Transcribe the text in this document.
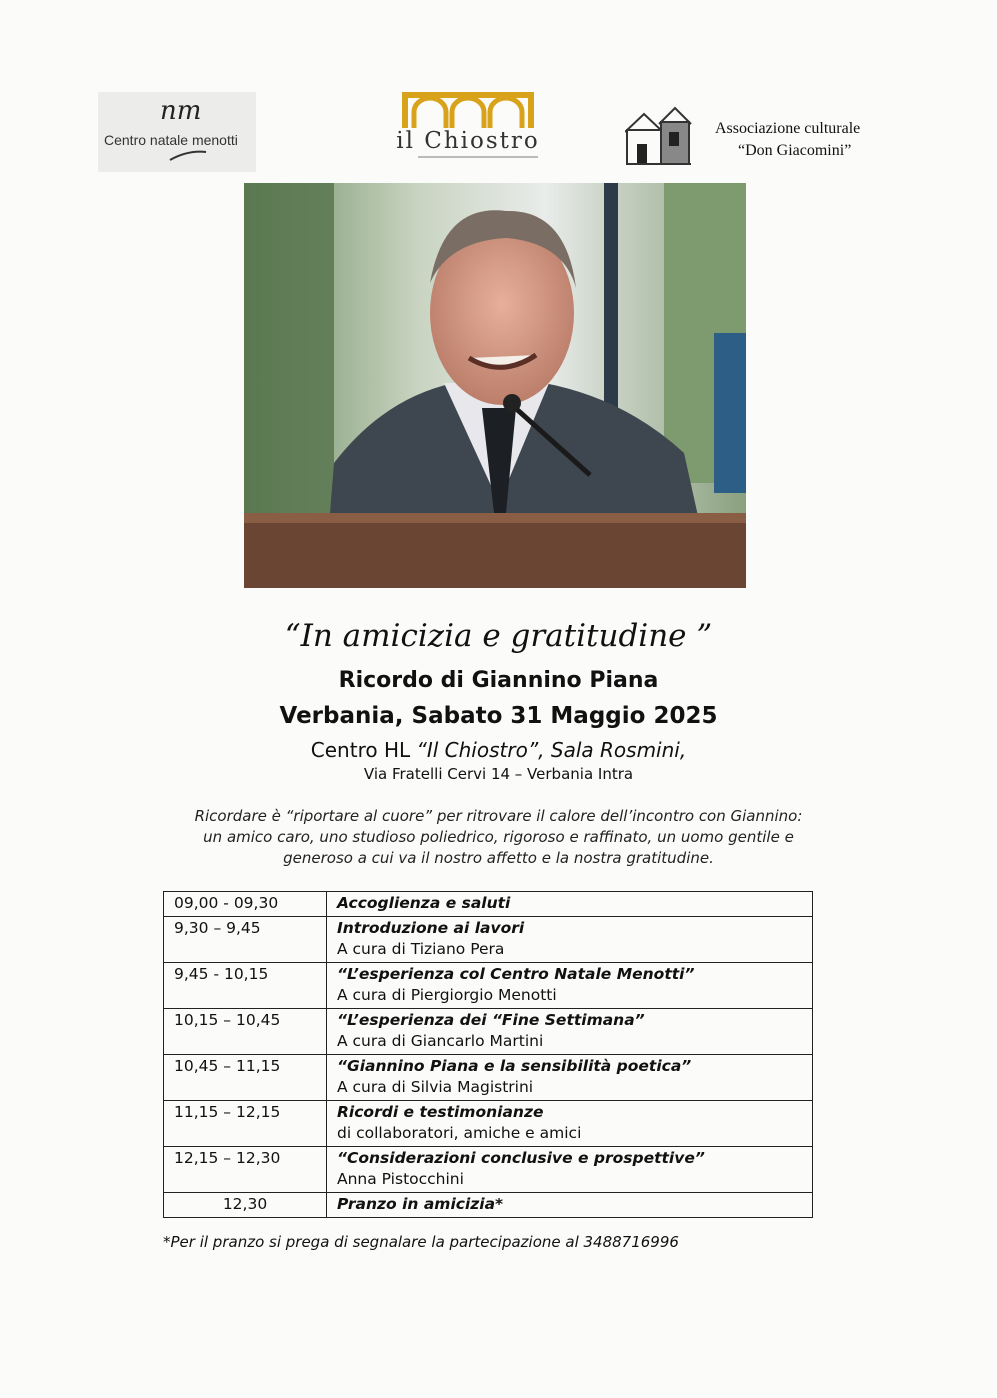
nm
Centro natale menotti	il Chiostro	Associazione culturale
“Don Giacomini”
“In amicizia e gratitudine ”
Ricordo di Giannino Piana
Verbania, Sabato 31 Maggio 2025
Centro HL “Il Chiostro”, Sala Rosmini,
Via Fratelli Cervi 14 – Verbania Intra
Ricordare è “riportare al cuore” per ritrovare il calore dell’incontro con Giannino:
un amico caro, uno studioso poliedrico, rigoroso e raffinato, un uomo gentile e
generoso a cui va il nostro affetto e la nostra gratitudine.
09,00 - 09,30	Accoglienza e saluti

9,30 – 9,45	Introduzione ai lavori
A cura di Tiziano Pera

9,45 - 10,15	“L’esperienza col Centro Natale Menotti”
A cura di Piergiorgio Menotti

10,15 – 10,45	“L’esperienza dei “Fine Settimana”
A cura di Giancarlo Martini

10,45 – 11,15	“Giannino Piana e la sensibilità poetica”
A cura di Silvia Magistrini

11,15 – 12,15	Ricordi e testimonianze
di collaboratori, amiche e amici

12,15 – 12,30	“Considerazioni conclusive e prospettive”
Anna Pistocchini

12,30	Pranzo in amicizia*
*Per il pranzo si prega di segnalare la partecipazione al 3488716996
